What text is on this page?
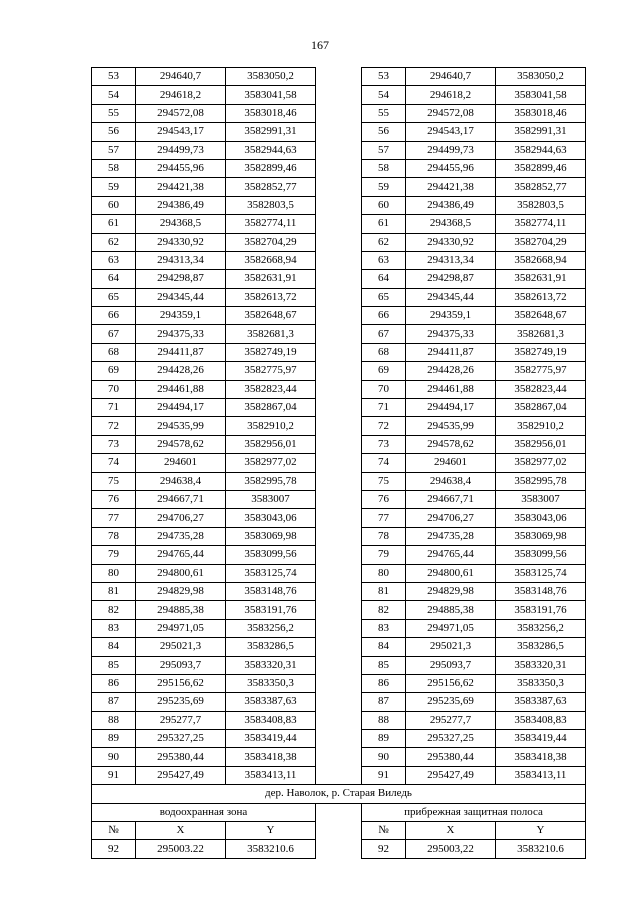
167
53	294640,7	3583050,2		53	294640,7	3583050,2
54	294618,2	3583041,58		54	294618,2	3583041,58
55	294572,08	3583018,46		55	294572,08	3583018,46
56	294543,17	3582991,31		56	294543,17	3582991,31
57	294499,73	3582944,63		57	294499,73	3582944,63
58	294455,96	3582899,46		58	294455,96	3582899,46
59	294421,38	3582852,77		59	294421,38	3582852,77
60	294386,49	3582803,5		60	294386,49	3582803,5
61	294368,5	3582774,11		61	294368,5	3582774,11
62	294330,92	3582704,29		62	294330,92	3582704,29
63	294313,34	3582668,94		63	294313,34	3582668,94
64	294298,87	3582631,91		64	294298,87	3582631,91
65	294345,44	3582613,72		65	294345,44	3582613,72
66	294359,1	3582648,67		66	294359,1	3582648,67
67	294375,33	3582681,3		67	294375,33	3582681,3
68	294411,87	3582749,19		68	294411,87	3582749,19
69	294428,26	3582775,97		69	294428,26	3582775,97
70	294461,88	3582823,44		70	294461,88	3582823,44
71	294494,17	3582867,04		71	294494,17	3582867,04
72	294535,99	3582910,2		72	294535,99	3582910,2
73	294578,62	3582956,01		73	294578,62	3582956,01
74	294601	3582977,02		74	294601	3582977,02
75	294638,4	3582995,78		75	294638,4	3582995,78
76	294667,71	3583007		76	294667,71	3583007
77	294706,27	3583043,06		77	294706,27	3583043,06
78	294735,28	3583069,98		78	294735,28	3583069,98
79	294765,44	3583099,56		79	294765,44	3583099,56
80	294800,61	3583125,74		80	294800,61	3583125,74
81	294829,98	3583148,76		81	294829,98	3583148,76
82	294885,38	3583191,76		82	294885,38	3583191,76
83	294971,05	3583256,2		83	294971,05	3583256,2
84	295021,3	3583286,5		84	295021,3	3583286,5
85	295093,7	3583320,31		85	295093,7	3583320,31
86	295156,62	3583350,3		86	295156,62	3583350,3
87	295235,69	3583387,63		87	295235,69	3583387,63
88	295277,7	3583408,83		88	295277,7	3583408,83
89	295327,25	3583419,44		89	295327,25	3583419,44
90	295380,44	3583418,38		90	295380,44	3583418,38
91	295427,49	3583413,11		91	295427,49	3583413,11
дер. Наволок, р. Старая Виледь						
водоохранная зона				прибрежная защитная полоса		
№	X	Y		№	X	Y
92	295003.22	3583210.6		92	295003,22	3583210.6
